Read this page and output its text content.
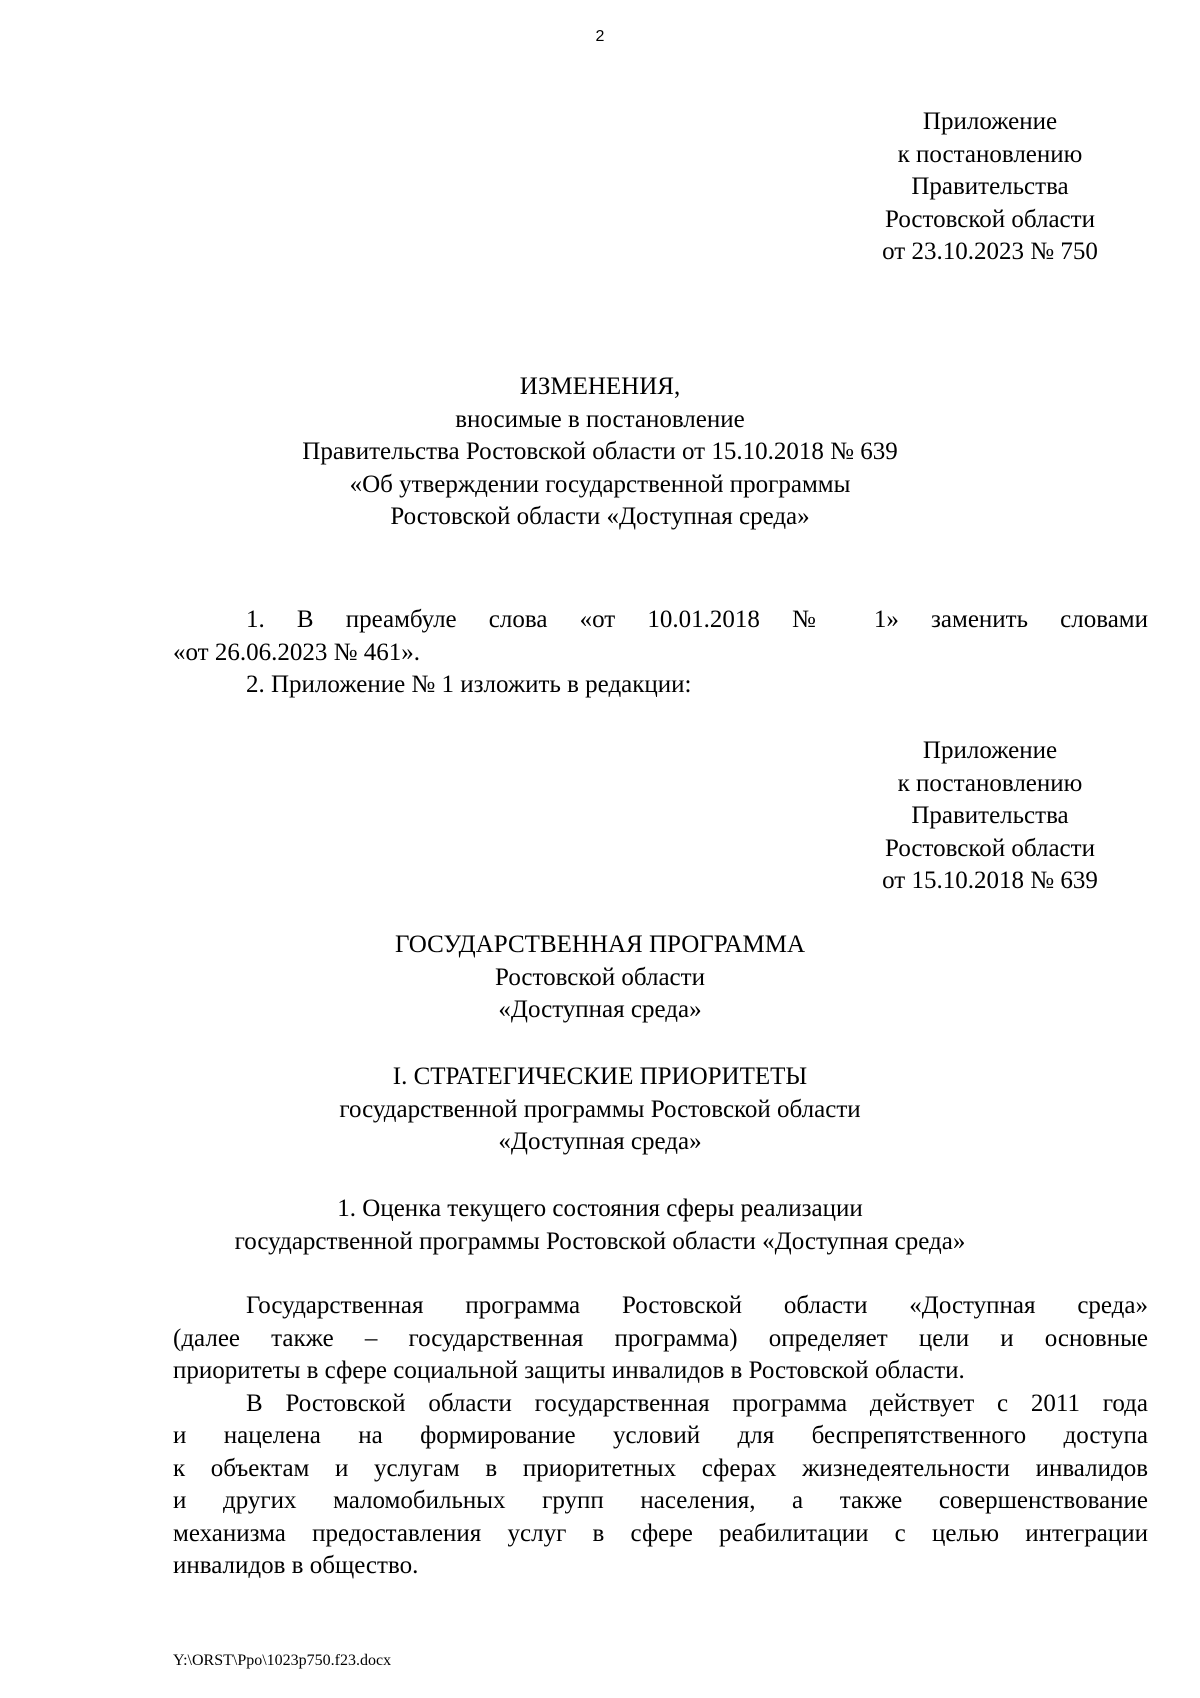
2
Приложение
к постановлению
Правительства
Ростовской области
от 23.10.2023 № 750
ИЗМЕНЕНИЯ,
вносимые в постановление
Правительства Ростовской области от 15.10.2018 № 639
«Об утверждении государственной программы
Ростовской области «Доступная среда»

1. В преамбуле слова «от 10.01.2018 № 1» заменить словами

«от 26.06.2023 № 461».

2. Приложение № 1 изложить в редакции:

Приложение
к постановлению
Правительства
Ростовской области
от 15.10.2018 № 639
ГОСУДАРСТВЕННАЯ ПРОГРАММА
Ростовской области
«Доступная среда»
I. СТРАТЕГИЧЕСКИЕ ПРИОРИТЕТЫ
государственной программы Ростовской области
«Доступная среда»
1. Оценка текущего состояния сферы реализации
государственной программы Ростовской области «Доступная среда»

Государственная программа Ростовской области «Доступная среда»

(далее также – государственная программа) определяет цели и основные
приоритеты в сфере социальной защиты инвалидов в Ростовской области.

В Ростовской области государственная программа действует с 2011 года

и нацелена на формирование условий для беспрепятственного доступа
к объектам и услугам в приоритетных сферах жизнедеятельности инвалидов
и других маломобильных групп населения, а также совершенствование
механизма предоставления услуг в сфере реабилитации с целью интеграции
инвалидов в общество.

Y:\ORST\Ppo\1023p750.f23.docx
